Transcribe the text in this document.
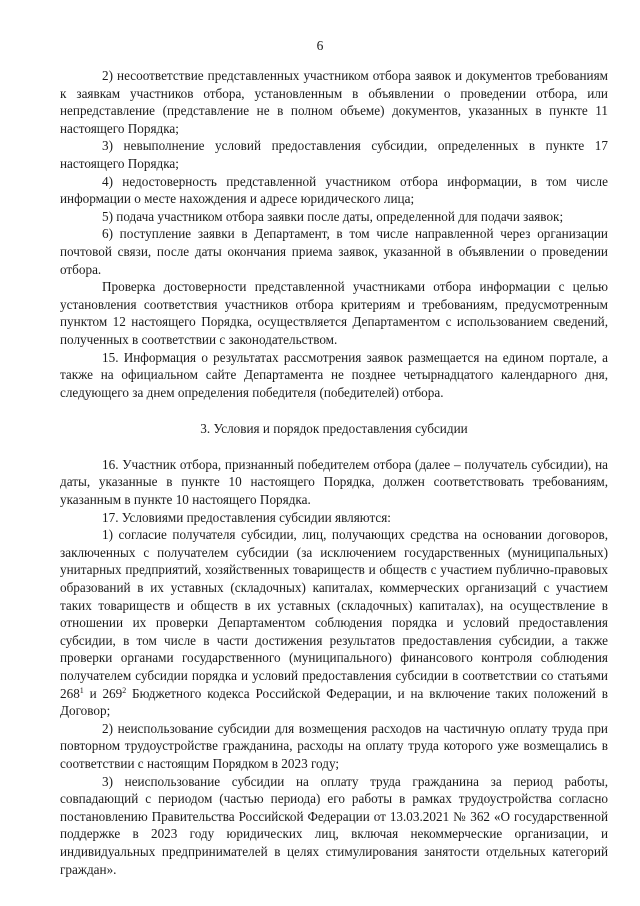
6

2) несоответствие представленных участником отбора заявок и документов требованиям к заявкам участников отбора, установленным в объявлении о проведении отбора, или непредставление (представление не в полном объеме) документов, указанных в пункте 11 настоящего Порядка;

3) невыполнение условий предоставления субсидии, определенных в пункте 17 настоящего Порядка;

4) недостоверность представленной участником отбора информации, в том числе информации о месте нахождения и адресе юридического лица;

5) подача участником отбора заявки после даты, определенной для подачи заявок;

6) поступление заявки в Департамент, в том числе направленной через организации почтовой связи, после даты окончания приема заявок, указанной в объявлении о проведении отбора.

Проверка достоверности представленной участниками отбора информации с целью установления соответствия участников отбора критериям и требованиям, предусмотренным пунктом 12 настоящего Порядка, осуществляется Департаментом с использованием сведений, полученных в соответствии с законодательством.

15. Информация о результатах рассмотрения заявок размещается на едином портале, а также на официальном сайте Департамента не позднее четырнадцатого календарного дня, следующего за днем определения победителя (победителей) отбора.

3. Условия и порядок предоставления субсидии

16. Участник отбора, признанный победителем отбора (далее – получатель субсидии), на даты, указанные в пункте 10 настоящего Порядка, должен соответствовать требованиям, указанным в пункте 10 настоящего Порядка.

17. Условиями предоставления субсидии являются:

1) согласие получателя субсидии, лиц, получающих средства на основании договоров, заключенных с получателем субсидии (за исключением государственных (муниципальных) унитарных предприятий, хозяйственных товариществ и обществ с участием публично-правовых образований в их уставных (складочных) капиталах, коммерческих организаций с участием таких товариществ и обществ в их уставных (складочных) капиталах), на осуществление в отношении их проверки Департаментом соблюдения порядка и условий предоставления субсидии, в том числе в части достижения результатов предоставления субсидии, а также проверки органами государственного (муниципального) финансового контроля соблюдения получателем субсидии порядка и условий предоставления субсидии в соответствии со статьями $268^1$ и $269^2$ Бюджетного кодекса Российской Федерации, и на включение таких положений в Договор;

2) неиспользование субсидии для возмещения расходов на частичную оплату труда при повторном трудоустройстве гражданина, расходы на оплату труда которого уже возмещались в соответствии с настоящим Порядком в 2023 году;

3) неиспользование субсидии на оплату труда гражданина за период работы, совпадающий с периодом (частью периода) его работы в рамках трудоустройства согласно постановлению Правительства Российской Федерации от 13.03.2021 № 362 «О государственной поддержке в 2023 году юридических лиц, включая некоммерческие организации, и индивидуальных предпринимателей в целях стимулирования занятости отдельных категорий граждан».
